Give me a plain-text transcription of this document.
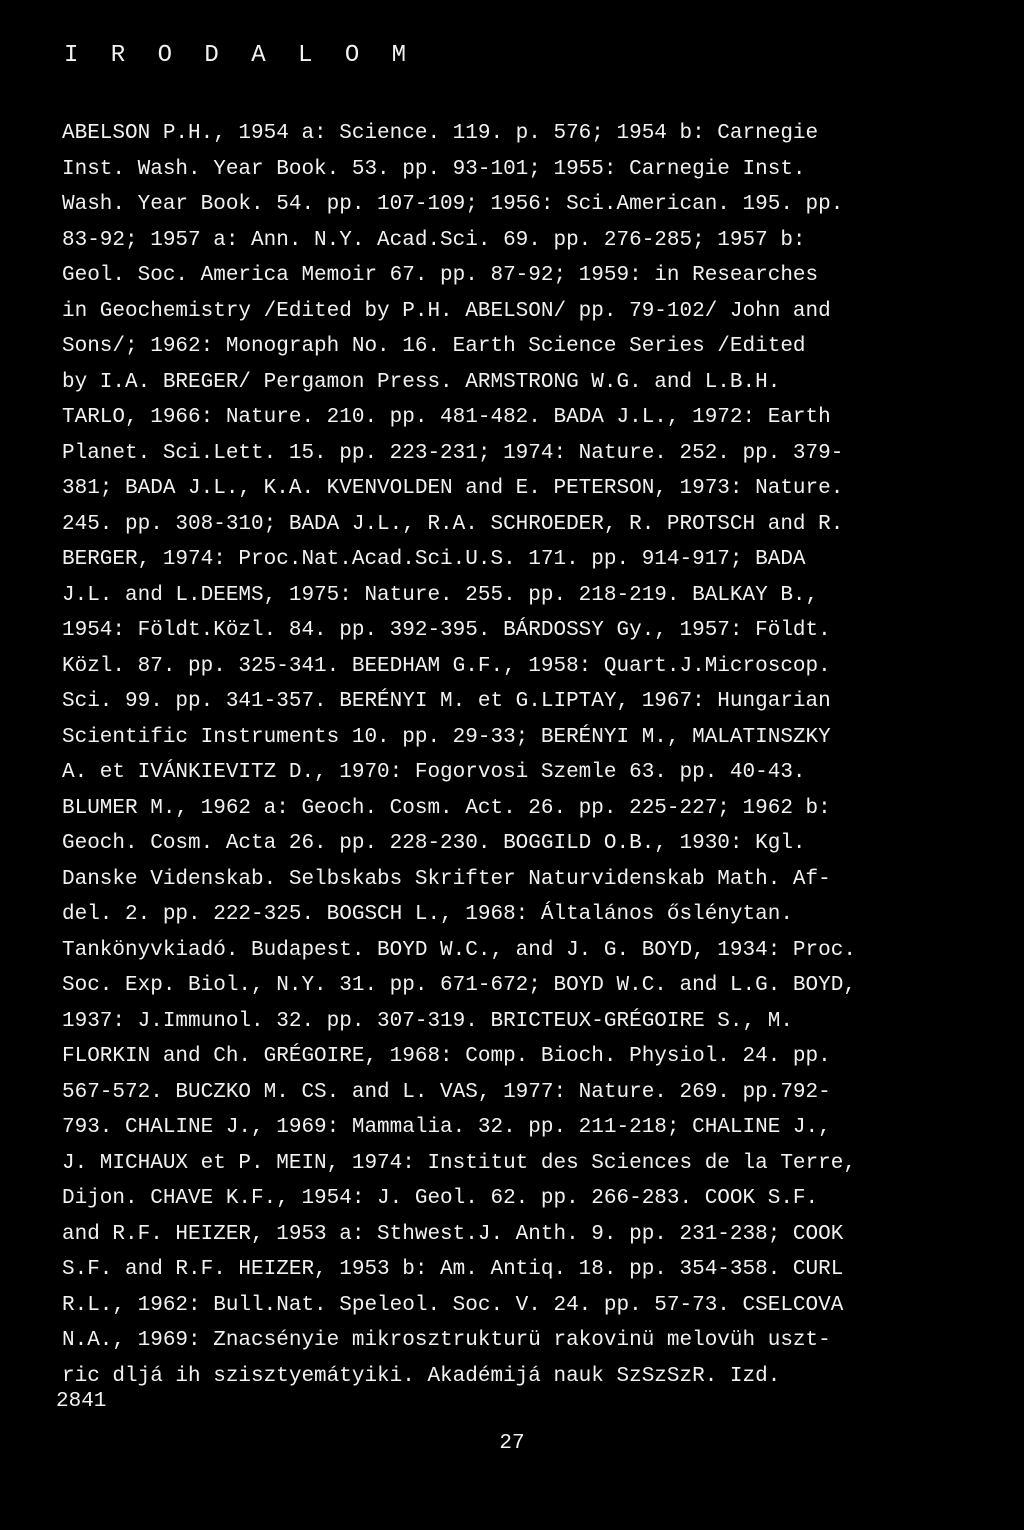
I R O D A L O M
ABELSON P.H., 1954 a: Science. 119. p. 576; 1954 b: Carnegie
Inst. Wash. Year Book. 53. pp. 93-101; 1955: Carnegie Inst.
Wash. Year Book. 54. pp. 107-109; 1956: Sci.American. 195. pp.
83-92; 1957 a: Ann. N.Y. Acad.Sci. 69. pp. 276-285; 1957 b:
Geol. Soc. America Memoir 67. pp. 87-92; 1959: in Researches
in Geochemistry /Edited by P.H. ABELSON/ pp. 79-102/ John and
Sons/; 1962: Monograph No. 16. Earth Science Series /Edited
by I.A. BREGER/ Pergamon Press. ARMSTRONG W.G. and L.B.H.
TARLO, 1966: Nature. 210. pp. 481-482. BADA J.L., 1972: Earth
Planet. Sci.Lett. 15. pp. 223-231; 1974: Nature. 252. pp. 379-
381; BADA J.L., K.A. KVENVOLDEN and E. PETERSON, 1973: Nature.
245. pp. 308-310; BADA J.L., R.A. SCHROEDER, R. PROTSCH and R.
BERGER, 1974: Proc.Nat.Acad.Sci.U.S. 171. pp. 914-917; BADA
J.L. and L.DEEMS, 1975: Nature. 255. pp. 218-219. BALKAY B.,
1954: Földt.Közl. 84. pp. 392-395. BÁRDOSSY Gy., 1957: Földt.
Közl. 87. pp. 325-341. BEEDHAM G.F., 1958: Quart.J.Microscop.
Sci. 99. pp. 341-357. BERÉNYI M. et G.LIPTAY, 1967: Hungarian
Scientific Instruments 10. pp. 29-33; BERÉNYI M., MALATINSZKY
A. et IVÁNKIEVITZ D., 1970: Fogorvosi Szemle 63. pp. 40-43.
BLUMER M., 1962 a: Geoch. Cosm. Act. 26. pp. 225-227; 1962 b:
Geoch. Cosm. Acta 26. pp. 228-230. BOGGILD O.B., 1930: Kgl.
Danske Videnskab. Selbskabs Skrifter Naturvidenskab Math. Af-
del. 2. pp. 222-325. BOGSCH L., 1968: Általános őslénytan.
Tankönyvkiadó. Budapest. BOYD W.C., and J. G. BOYD, 1934: Proc.
Soc. Exp. Biol., N.Y. 31. pp. 671-672; BOYD W.C. and L.G. BOYD,
1937: J.Immunol. 32. pp. 307-319. BRICTEUX-GRÉGOIRE S., M.
FLORKIN and Ch. GRÉGOIRE, 1968: Comp. Bioch. Physiol. 24. pp.
567-572. BUCZKO M. CS. and L. VAS, 1977: Nature. 269. pp.792-
793. CHALINE J., 1969: Mammalia. 32. pp. 211-218; CHALINE J.,
J. MICHAUX et P. MEIN, 1974: Institut des Sciences de la Terre,
Dijon. CHAVE K.F., 1954: J. Geol. 62. pp. 266-283. COOK S.F.
and R.F. HEIZER, 1953 a: Sthwest.J. Anth. 9. pp. 231-238; COOK
S.F. and R.F. HEIZER, 1953 b: Am. Antiq. 18. pp. 354-358. CURL
R.L., 1962: Bull.Nat. Speleol. Soc. V. 24. pp. 57-73. CSELCOVA
N.A., 1969: Znacsényie mikrosztrukturü rakovinü melovüh uszt-
ric dljá ih szisztyemátyiki. Akadémijá nauk SzSzSzR. Izd.
2841
27
